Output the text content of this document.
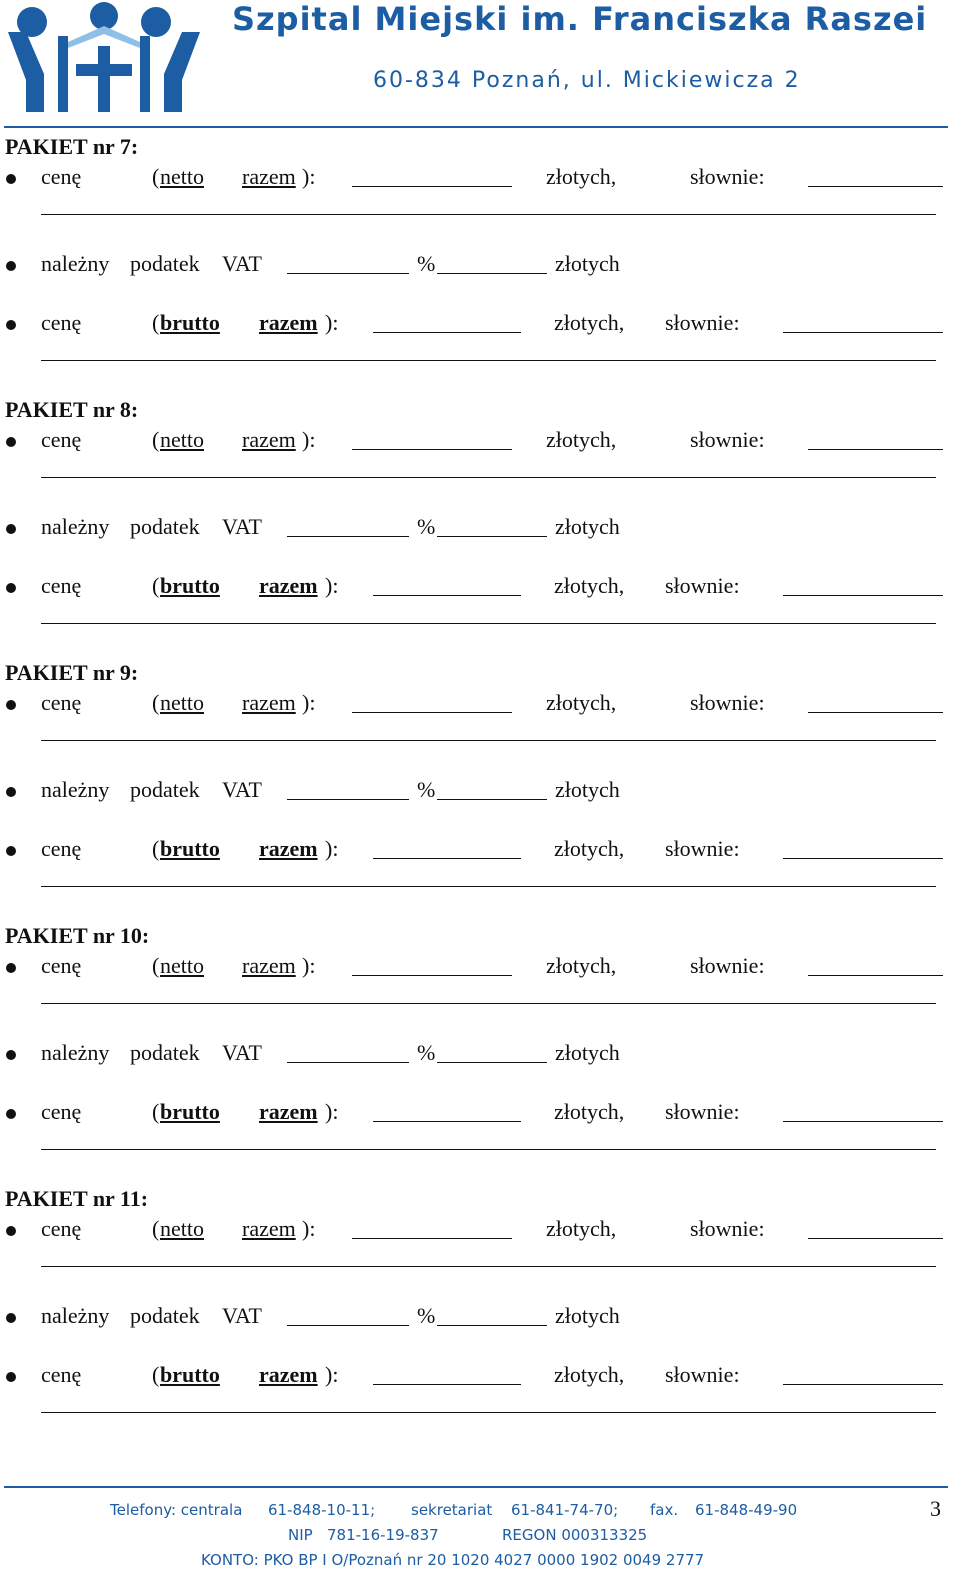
Szpital Miejski im. Franciszka Raszei
60-834 Poznań, ul. Mickiewicza 2
PAKIET nr 7:
cenę	( netto razem ):	złotych,	słownie:
należny podatek VAT	%	złotych
cenę	( brutto razem ):	złotych, słownie:
PAKIET nr 8:
cenę	( netto razem ):	złotych,	słownie:
należny podatek VAT	%	złotych
cenę	( brutto razem ):	złotych, słownie:
PAKIET nr 9:
cenę	( netto razem ):	złotych,	słownie:
należny podatek VAT	%	złotych
cenę	( brutto razem ):	złotych, słownie:
PAKIET nr 10:
cenę	( netto razem ):	złotych,	słownie:
należny podatek VAT	%	złotych
cenę	( brutto razem ):	złotych, słownie:
PAKIET nr 11:
cenę	( netto razem ):	złotych,	słownie:
należny podatek VAT	%	złotych
cenę	( brutto razem ):	złotych, słownie:
Telefony: centrala 61-848-10-11; sekretariat 61-841-74-70; fax. 61-848-49-90
NIP   781-16-19-837	REGON 000313325
KONTO: PKO BP I O/Poznań nr 20 1020 4027 0000 1902 0049 2777
3
